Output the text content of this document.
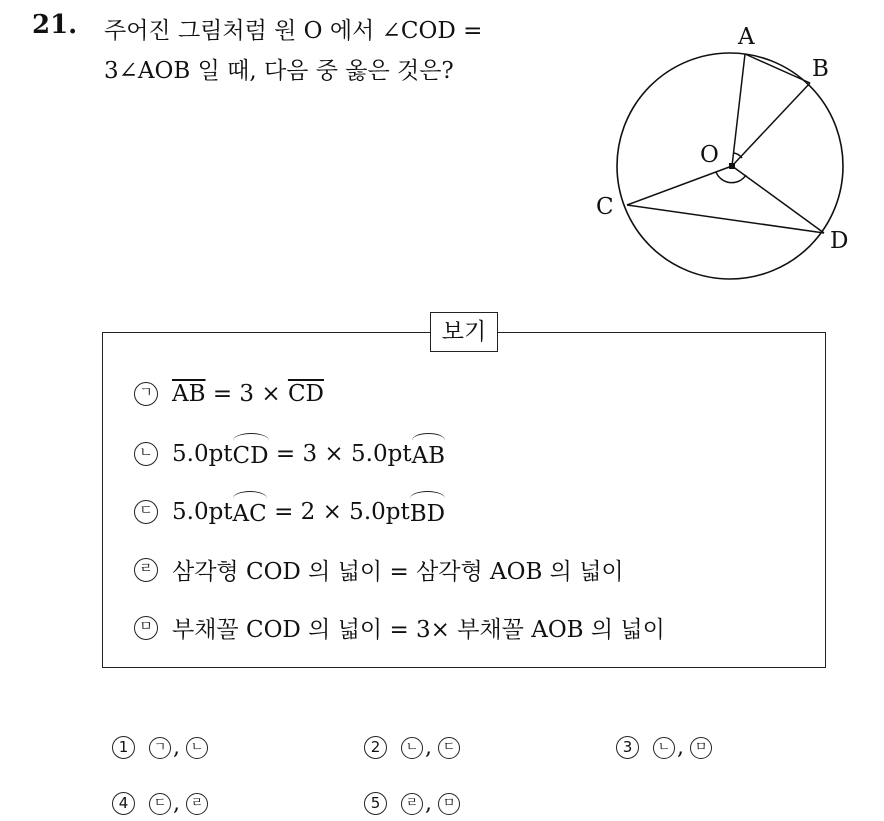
21. 주어진 그림처럼 원 O 에서 ∠COD =
3∠AOB 일 때, 다음 중 옳은 것은?
A
B
C
D
O
보기
ㄱ $\overline{AB} = 3 \times \overline{CD}$
ㄴ 5.0pt CD = 3 × 5.0pt AB
ㄷ 5.0pt AC = 2 × 5.0pt BD
ㄹ 삼각형 COD 의 넓이 = 삼각형 AOB 의 넓이
ㅁ 부채꼴 COD 의 넓이 = 3× 부채꼴 AOB 의 넓이
1	ㄱ , ㄴ	2	ㄴ , ㄷ	3	ㄴ , ㅁ
4	ㄷ , ㄹ	5	ㄹ , ㅁ
